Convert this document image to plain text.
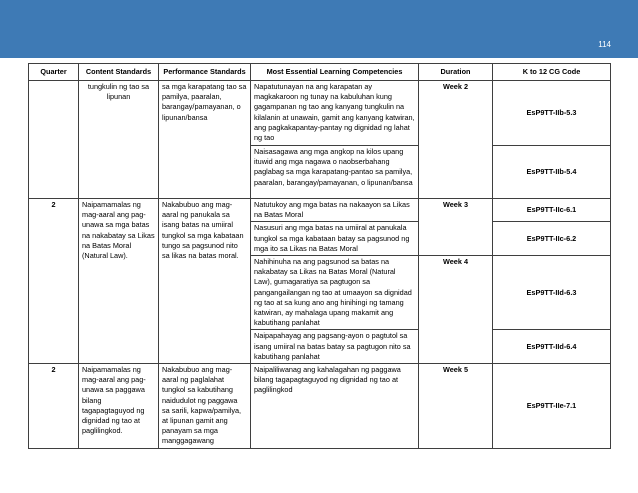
114
Quarter	Content Standards	Performance Standards	Most Essential Learning Competencies	Duration	K to 12 CG Code
	tungkulin ng tao sa lipunan	sa mga karapatang tao sa pamilya, paaralan, barangay/pamayanan, o lipunan/bansa	Napatutunayan na ang karapatan ay magkakaroon ng tunay na kabuluhan kung gagampanan ng tao ang kanyang tungkulin na kilalanin at unawain, gamit ang kanyang katwiran, ang pagkakapantay-pantay ng dignidad ng lahat ng tao	Week 2	EsP9TT-IIb-5.3
			Naisasagawa ang mga angkop na kilos upang ituwid ang mga nagawa o naobserbahang paglabag sa mga karapatang-pantao sa pamilya, paaralan, barangay/pamayanan, o lipunan/bansa		EsP9TT-IIb-5.4
2	Naipamamalas ng mag-aaral ang pag-unawa sa mga batas na nakabatay sa Likas na Batas Moral (Natural Law).	Nakabubuo ang mag-aaral ng panukala sa isang batas na umiiral tungkol sa mga kabataan tungo sa pagsunod nito sa likas na batas moral.	Natutukoy ang mga batas na nakaayon sa Likas na Batas Moral	Week 3	EsP9TT-IIc-6.1
			Nasusuri ang mga batas na umiiral at panukala tungkol sa mga kabataan batay sa pagsunod ng mga ito sa Likas na Batas Moral		EsP9TT-IIc-6.2
			Nahihinuha na ang pagsunod sa batas na nakabatay sa Likas na Batas Moral (Natural Law), gumagaratiya sa pagtugon sa pangangailangan ng tao at umaayon sa dignidad ng tao at sa kung ano ang hinihingi ng tamang katwiran, ay mahalaga upang makamit ang kabutihang panlahat	Week 4	EsP9TT-IId-6.3
			Naipapahayag ang pagsang-ayon o pagtutol sa isang umiiral na batas batay sa pagtugon nito sa kabutihang panlahat		EsP9TT-IId-6.4
2	Naipamamalas ng mag-aaral ang pag-unawa sa paggawa bilang tagapagtaguyod ng dignidad ng tao at paglilingkod.	Nakabubuo ang mag-aaral ng paglalahat tungkol sa kabutihang naidudulot ng paggawa sa sarili, kapwa/pamilya, at lipunan gamit ang panayam sa mga manggagawang	Naipaliliwanag ang kahalagahan ng paggawa bilang tagapagtaguyod ng dignidad ng tao at paglilingkod	Week 5	EsP9TT-IIe-7.1
